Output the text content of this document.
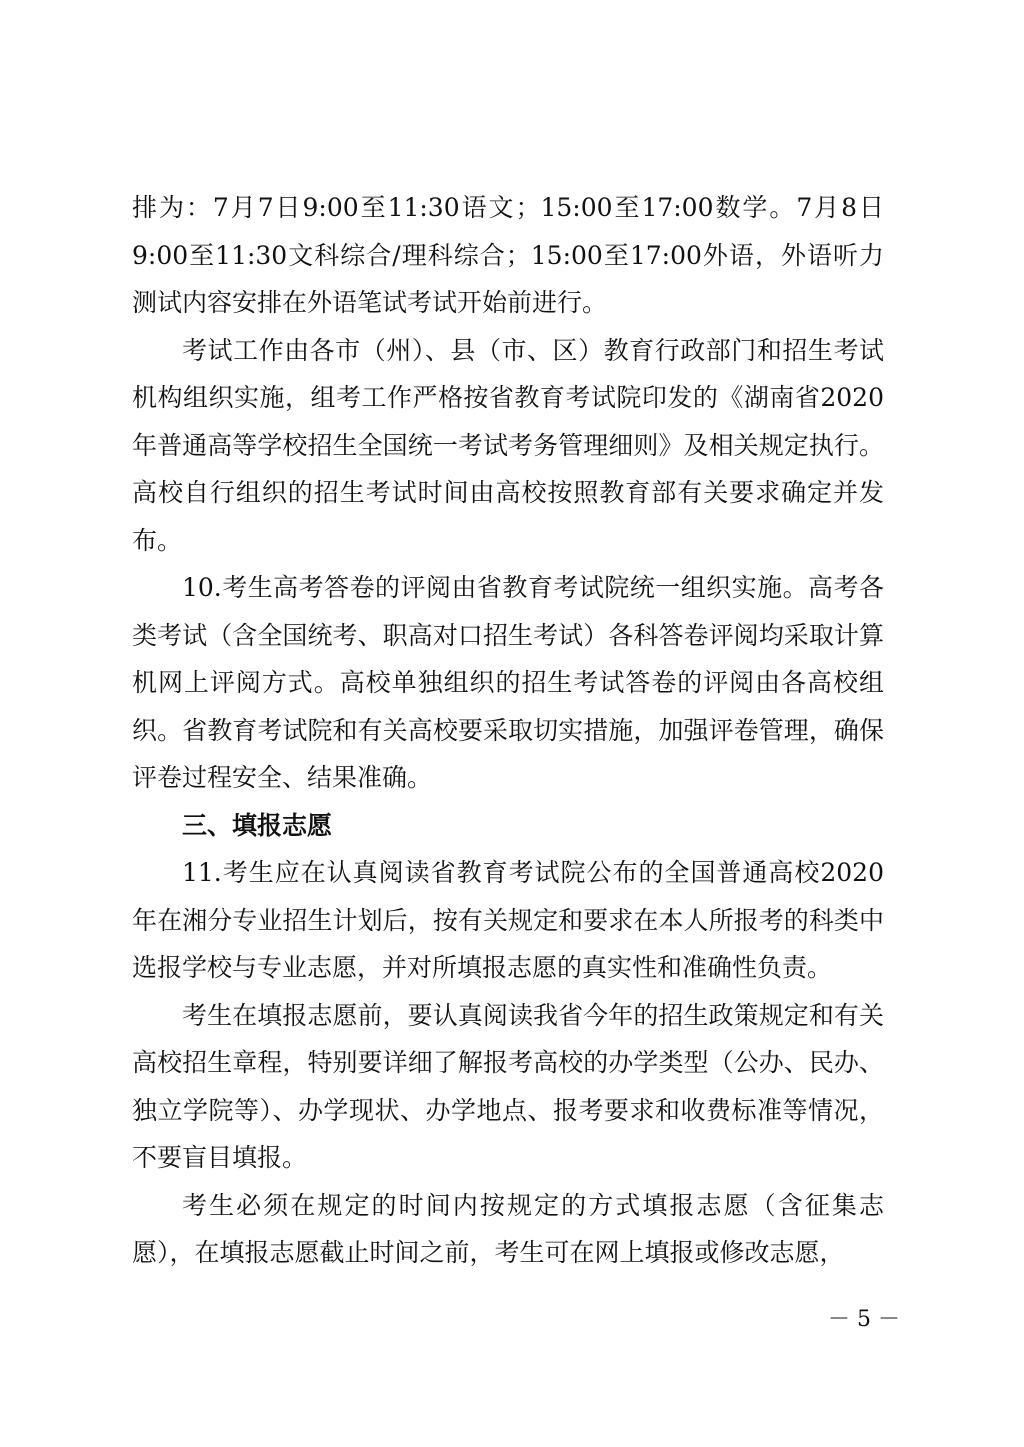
排为：7月7日9:00至11:30语文；15:00至17:00数学。7月8日9:00至11:30文科综合/理科综合；15:00至17:00外语，外语听力测试内容安排在外语笔试考试开始前进行。

考试工作由各市（州）、县（市、区）教育行政部门和招生考试机构组织实施，组考工作严格按省教育考试院印发的《湖南省2020年普通高等学校招生全国统一考试考务管理细则》及相关规定执行。高校自行组织的招生考试时间由高校按照教育部有关要求确定并发布。

10.考生高考答卷的评阅由省教育考试院统一组织实施。高考各类考试（含全国统考、职高对口招生考试）各科答卷评阅均采取计算机网上评阅方式。高校单独组织的招生考试答卷的评阅由各高校组织。省教育考试院和有关高校要采取切实措施，加强评卷管理，确保评卷过程安全、结果准确。

三、填报志愿

11.考生应在认真阅读省教育考试院公布的全国普通高校2020年在湘分专业招生计划后，按有关规定和要求在本人所报考的科类中选报学校与专业志愿，并对所填报志愿的真实性和准确性负责。

考生在填报志愿前，要认真阅读我省今年的招生政策规定和有关高校招生章程，特别要详细了解报考高校的办学类型（公办、民办、独立学院等）、办学现状、办学地点、报考要求和收费标准等情况，不要盲目填报。

考生必须在规定的时间内按规定的方式填报志愿（含征集志愿），在填报志愿截止时间之前，考生可在网上填报或修改志愿，

－ 5 －
